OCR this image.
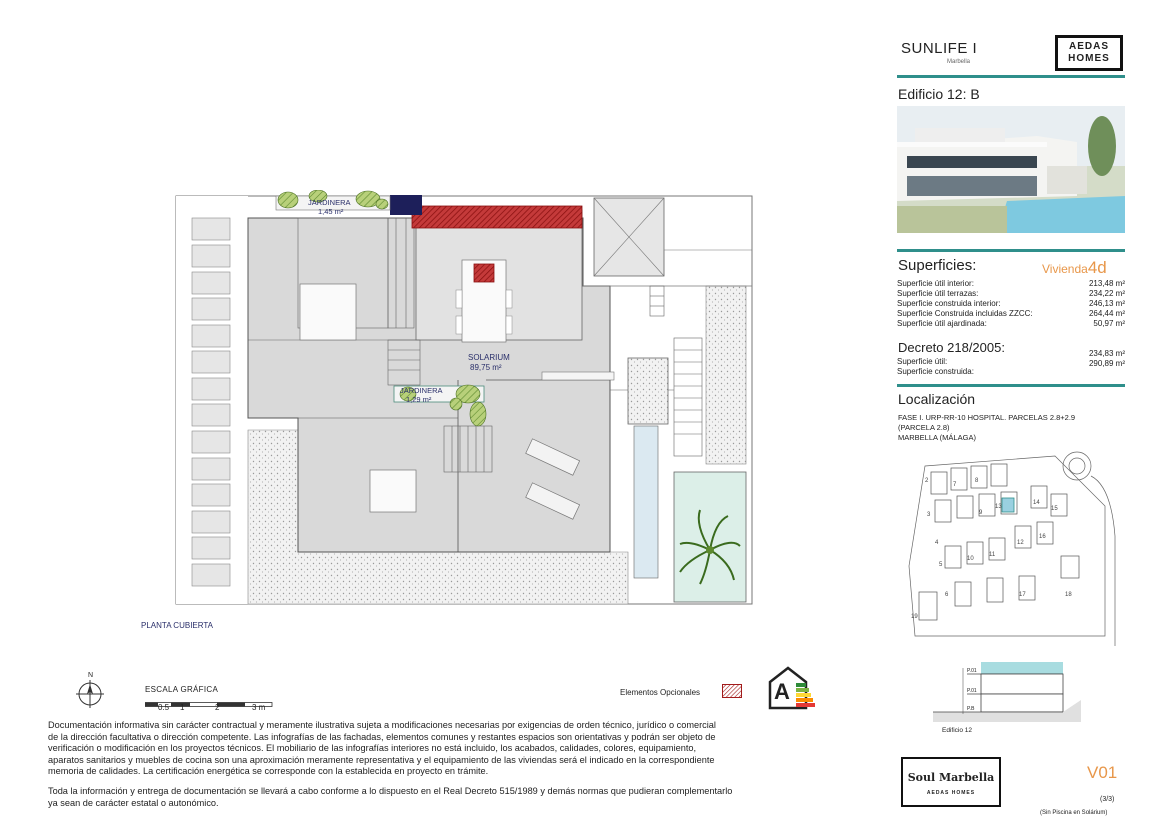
JARDINERA
1,45 m²
SOLARIUM
89,75 m²
JARDINERA
1,29 m²
PLANTA CUBIERTA
N
ESCALA GRÁFICA
0.5 1	2	3 m
Elementos Opcionales	A
Documentación informativa sin carácter contractual y meramente ilustrativa sujeta a modificaciones necesarias por exigencias de orden técnico, jurídico o comercial
de la dirección facultativa o dirección competente. Las infografías de las fachadas, elementos comunes y restantes espacios son orientativas y podrán ser objeto de
verificación o modificación en los proyectos técnicos. El mobiliario de las infografías interiores no está incluido, los acabados, calidades, colores, equipamiento,
aparatos sanitarios y muebles de cocina son una aproximación meramente representativa y el equipamiento de las viviendas será el indicado en la correspondiente
memoria de calidades. La certificación energética se corresponde con la establecida en proyecto en trámite.
Toda la información y entrega de documentación se llevará a cabo conforme a lo dispuesto en el Real Decreto 515/1989 y demás normas que pudieran complementarlo
ya sean de carácter estatal o autonómico.
SUNLIFE I
Marbella
AEDAS
HOMES
Edificio 12: B
Superficies:	Vivienda4d
Superficie útil interior:	213,48 m²
Superficie útil terrazas:	234,22 m²
Superficie construida interior:	246,13 m²
Superficie Construida incluidas ZZCC:	264,44 m²
Superficie útil ajardinada:	50,97 m²
Decreto 218/2005:
Superficie útil:
234,83 m²
Superficie construida:
290,89 m²
Localización
FASE I. URP-RR-10 HOSPITAL. PARCELAS 2.8+2.9
(PARCELA 2.8)
MARBELLA (MÁLAGA)
2
3
4
5
6
7
8
9
10
11
12
13
14
15
16
17	18
19
P.01
P.01
P.B
Edificio 12
Soul Marbella
AEDAS HOMES
V01
(3/3)
(Sin Piscina en Solárium)
